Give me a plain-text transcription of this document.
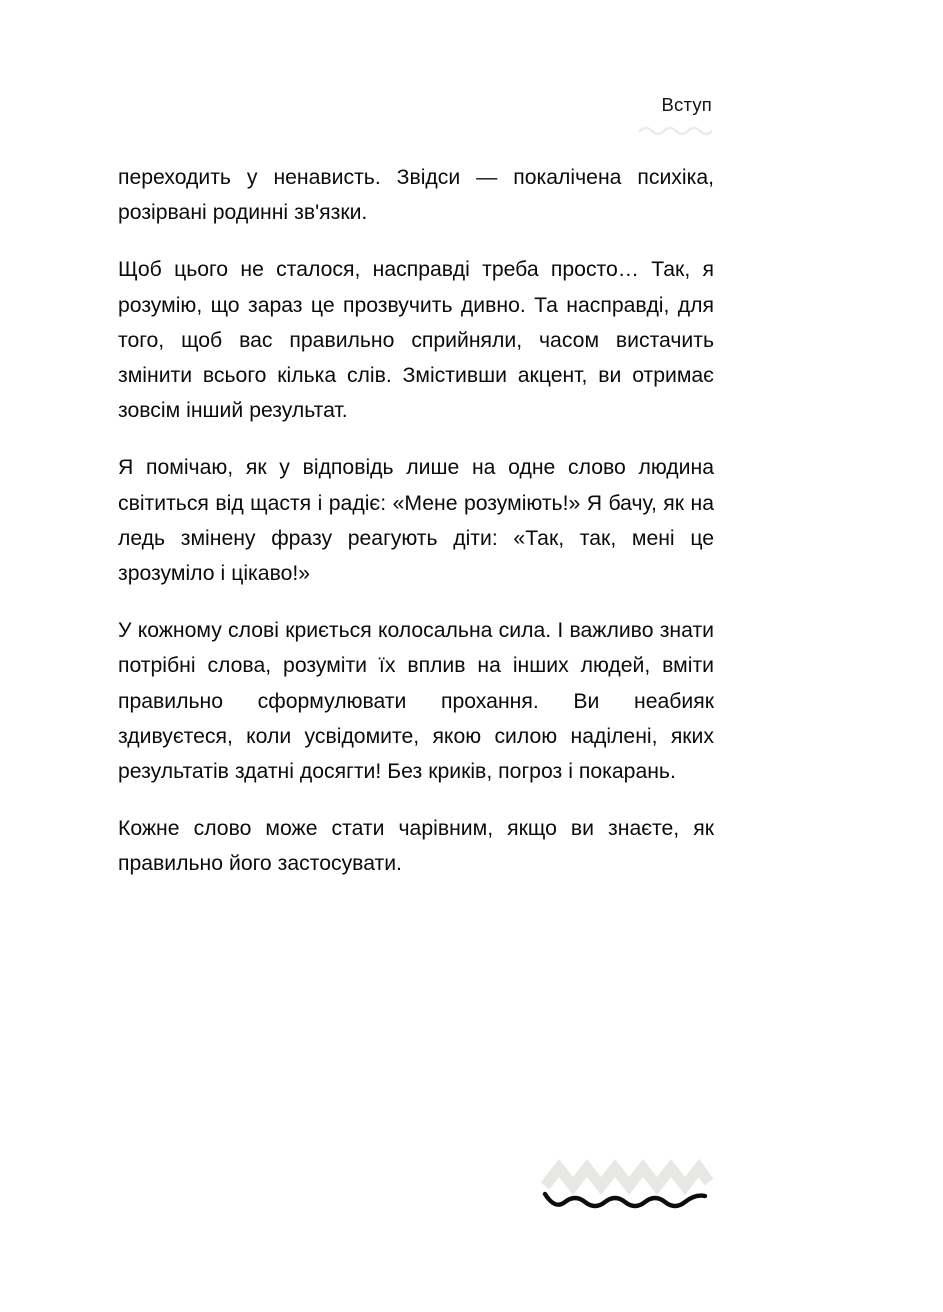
Вступ

переходить у ненависть. Звідси — покалічена психіка, розірвані родинні зв'язки.

Щоб цього не сталося, насправді треба просто… Так, я розумію, що зараз це прозвучить дивно. Та насправді, для того, щоб вас правильно сприйняли, часом вистачить змінити всього кілька слів. Змістивши акцент, ви отримає зовсім інший результат.

Я помічаю, як у відповідь лише на одне слово людина світиться від щастя і радіє: «Мене розуміють!» Я бачу, як на ледь змінену фразу реагують діти: «Так, так, мені це зрозуміло і цікаво!»

У кожному слові криється колосальна сила. І важливо знати потрібні слова, розуміти їх вплив на інших людей, вміти правильно сформулювати прохання. Ви неабияк здивуєтеся, коли усвідомите, якою силою наділені, яких результатів здатні досягти! Без криків, погроз і покарань.

Кожне слово може стати чарівним, якщо ви знаєте, як правильно його застосувати.
